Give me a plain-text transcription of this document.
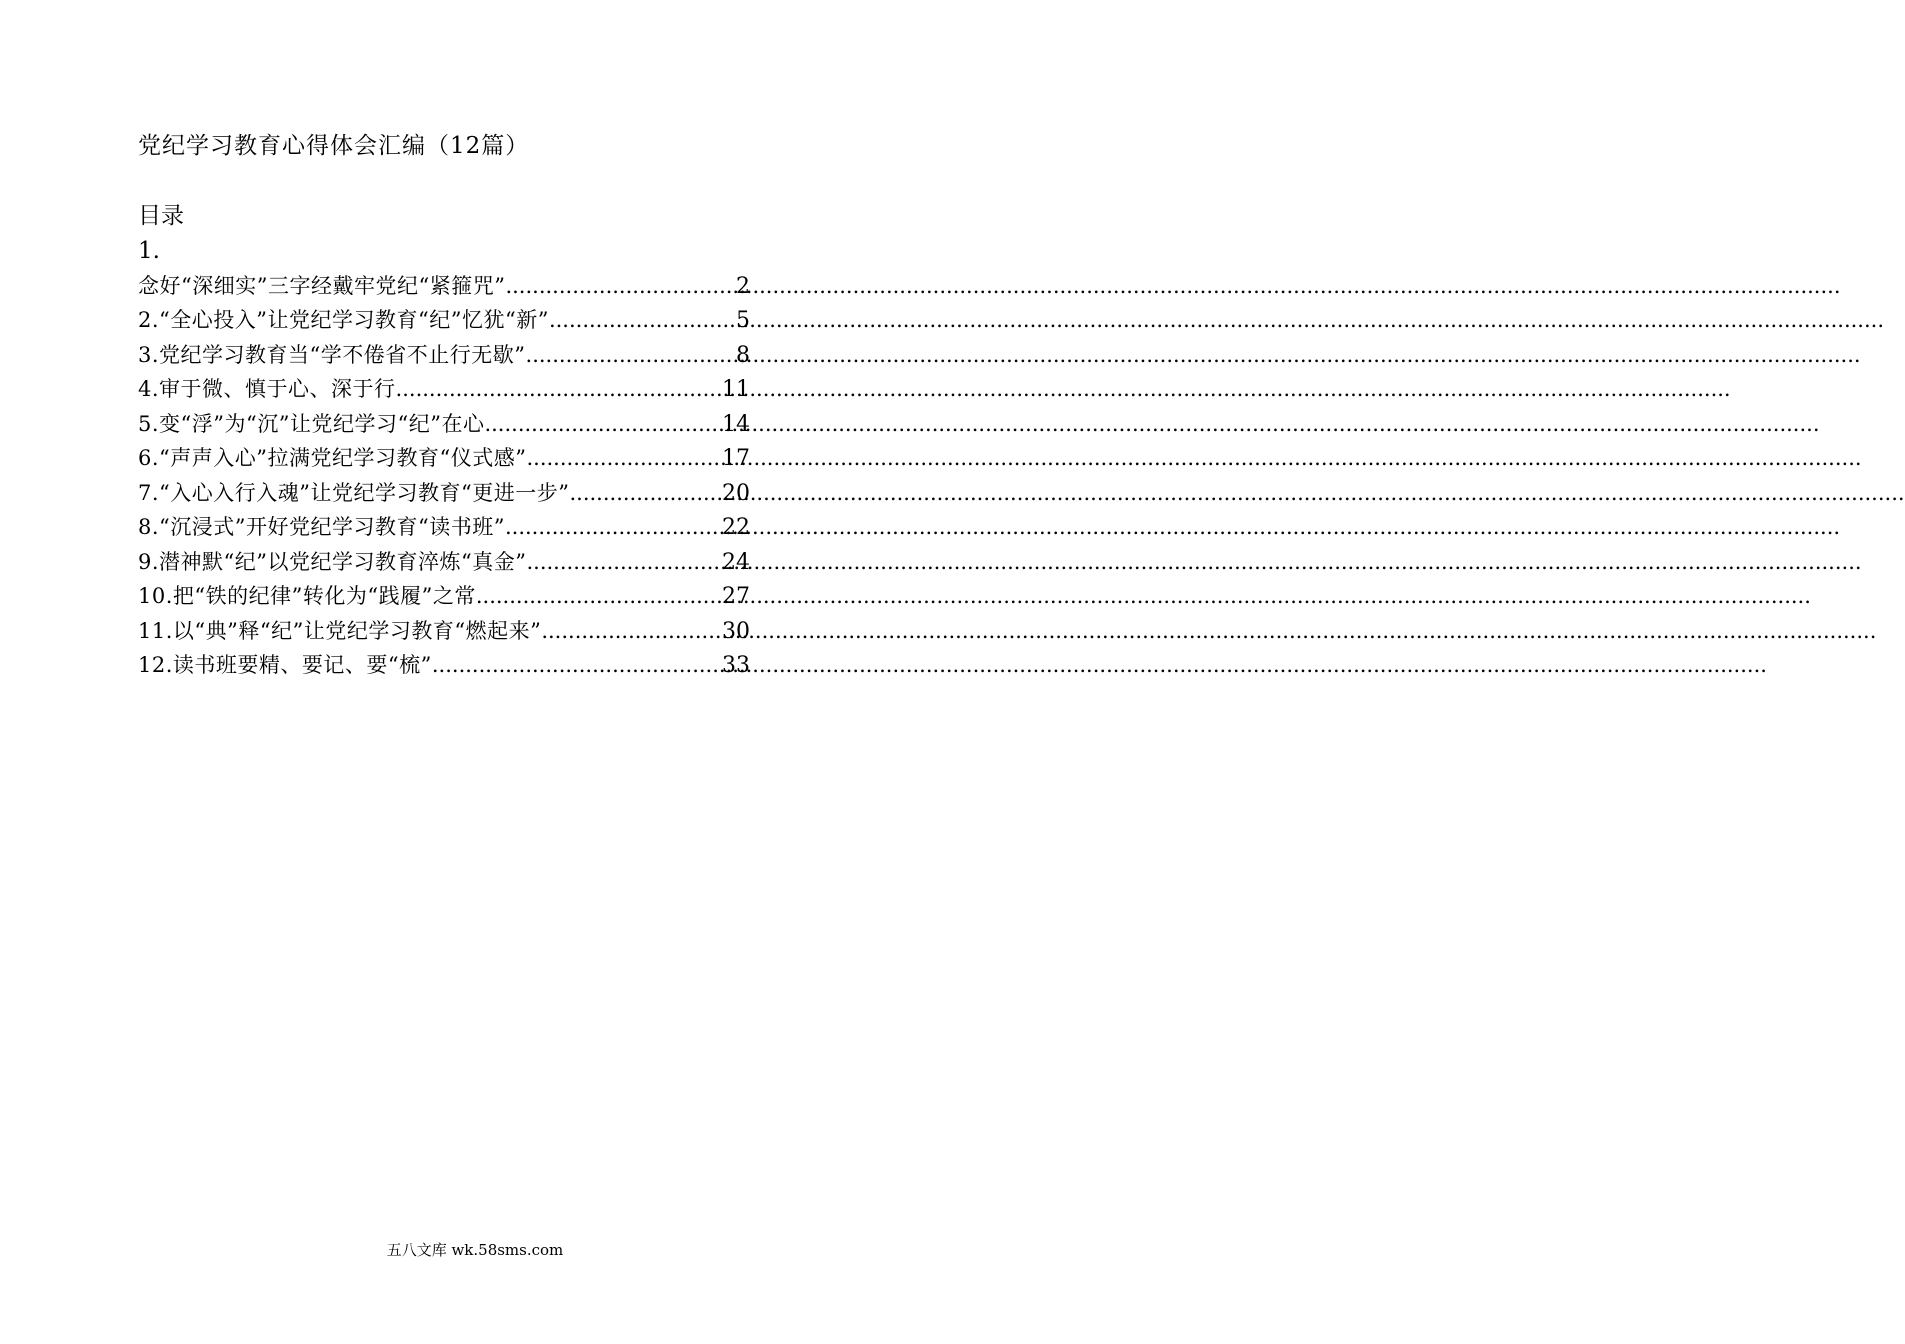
党纪学习教育心得体会汇编（12篇）
目录
1.
念好“深细实”三字经戴牢党纪“紧箍咒” .....	2
2.“全心投入”让党纪学习教育“纪”忆犹“新” .....	5
3.党纪学习教育当“学不倦省不止行无歇” .....	8
4.审于微、慎于心、深于行 .....	11
5.变“浮”为“沉”让党纪学习“纪”在心 .....	14
6.“声声入心”拉满党纪学习教育“仪式感” .....	17
7.“入心入行入魂”让党纪学习教育“更进一步” .....	20
8.“沉浸式”开好党纪学习教育“读书班” .....	22
9.潜神默“纪”以党纪学习教育淬炼“真金” .....	24
10.把“铁的纪律”转化为“践履”之常 .....	27
11.以“典”释“纪”让党纪学习教育“燃起来” .....	30
12.读书班要精、要记、要“梳” .....	33
五八文库 wk.58sms.com
